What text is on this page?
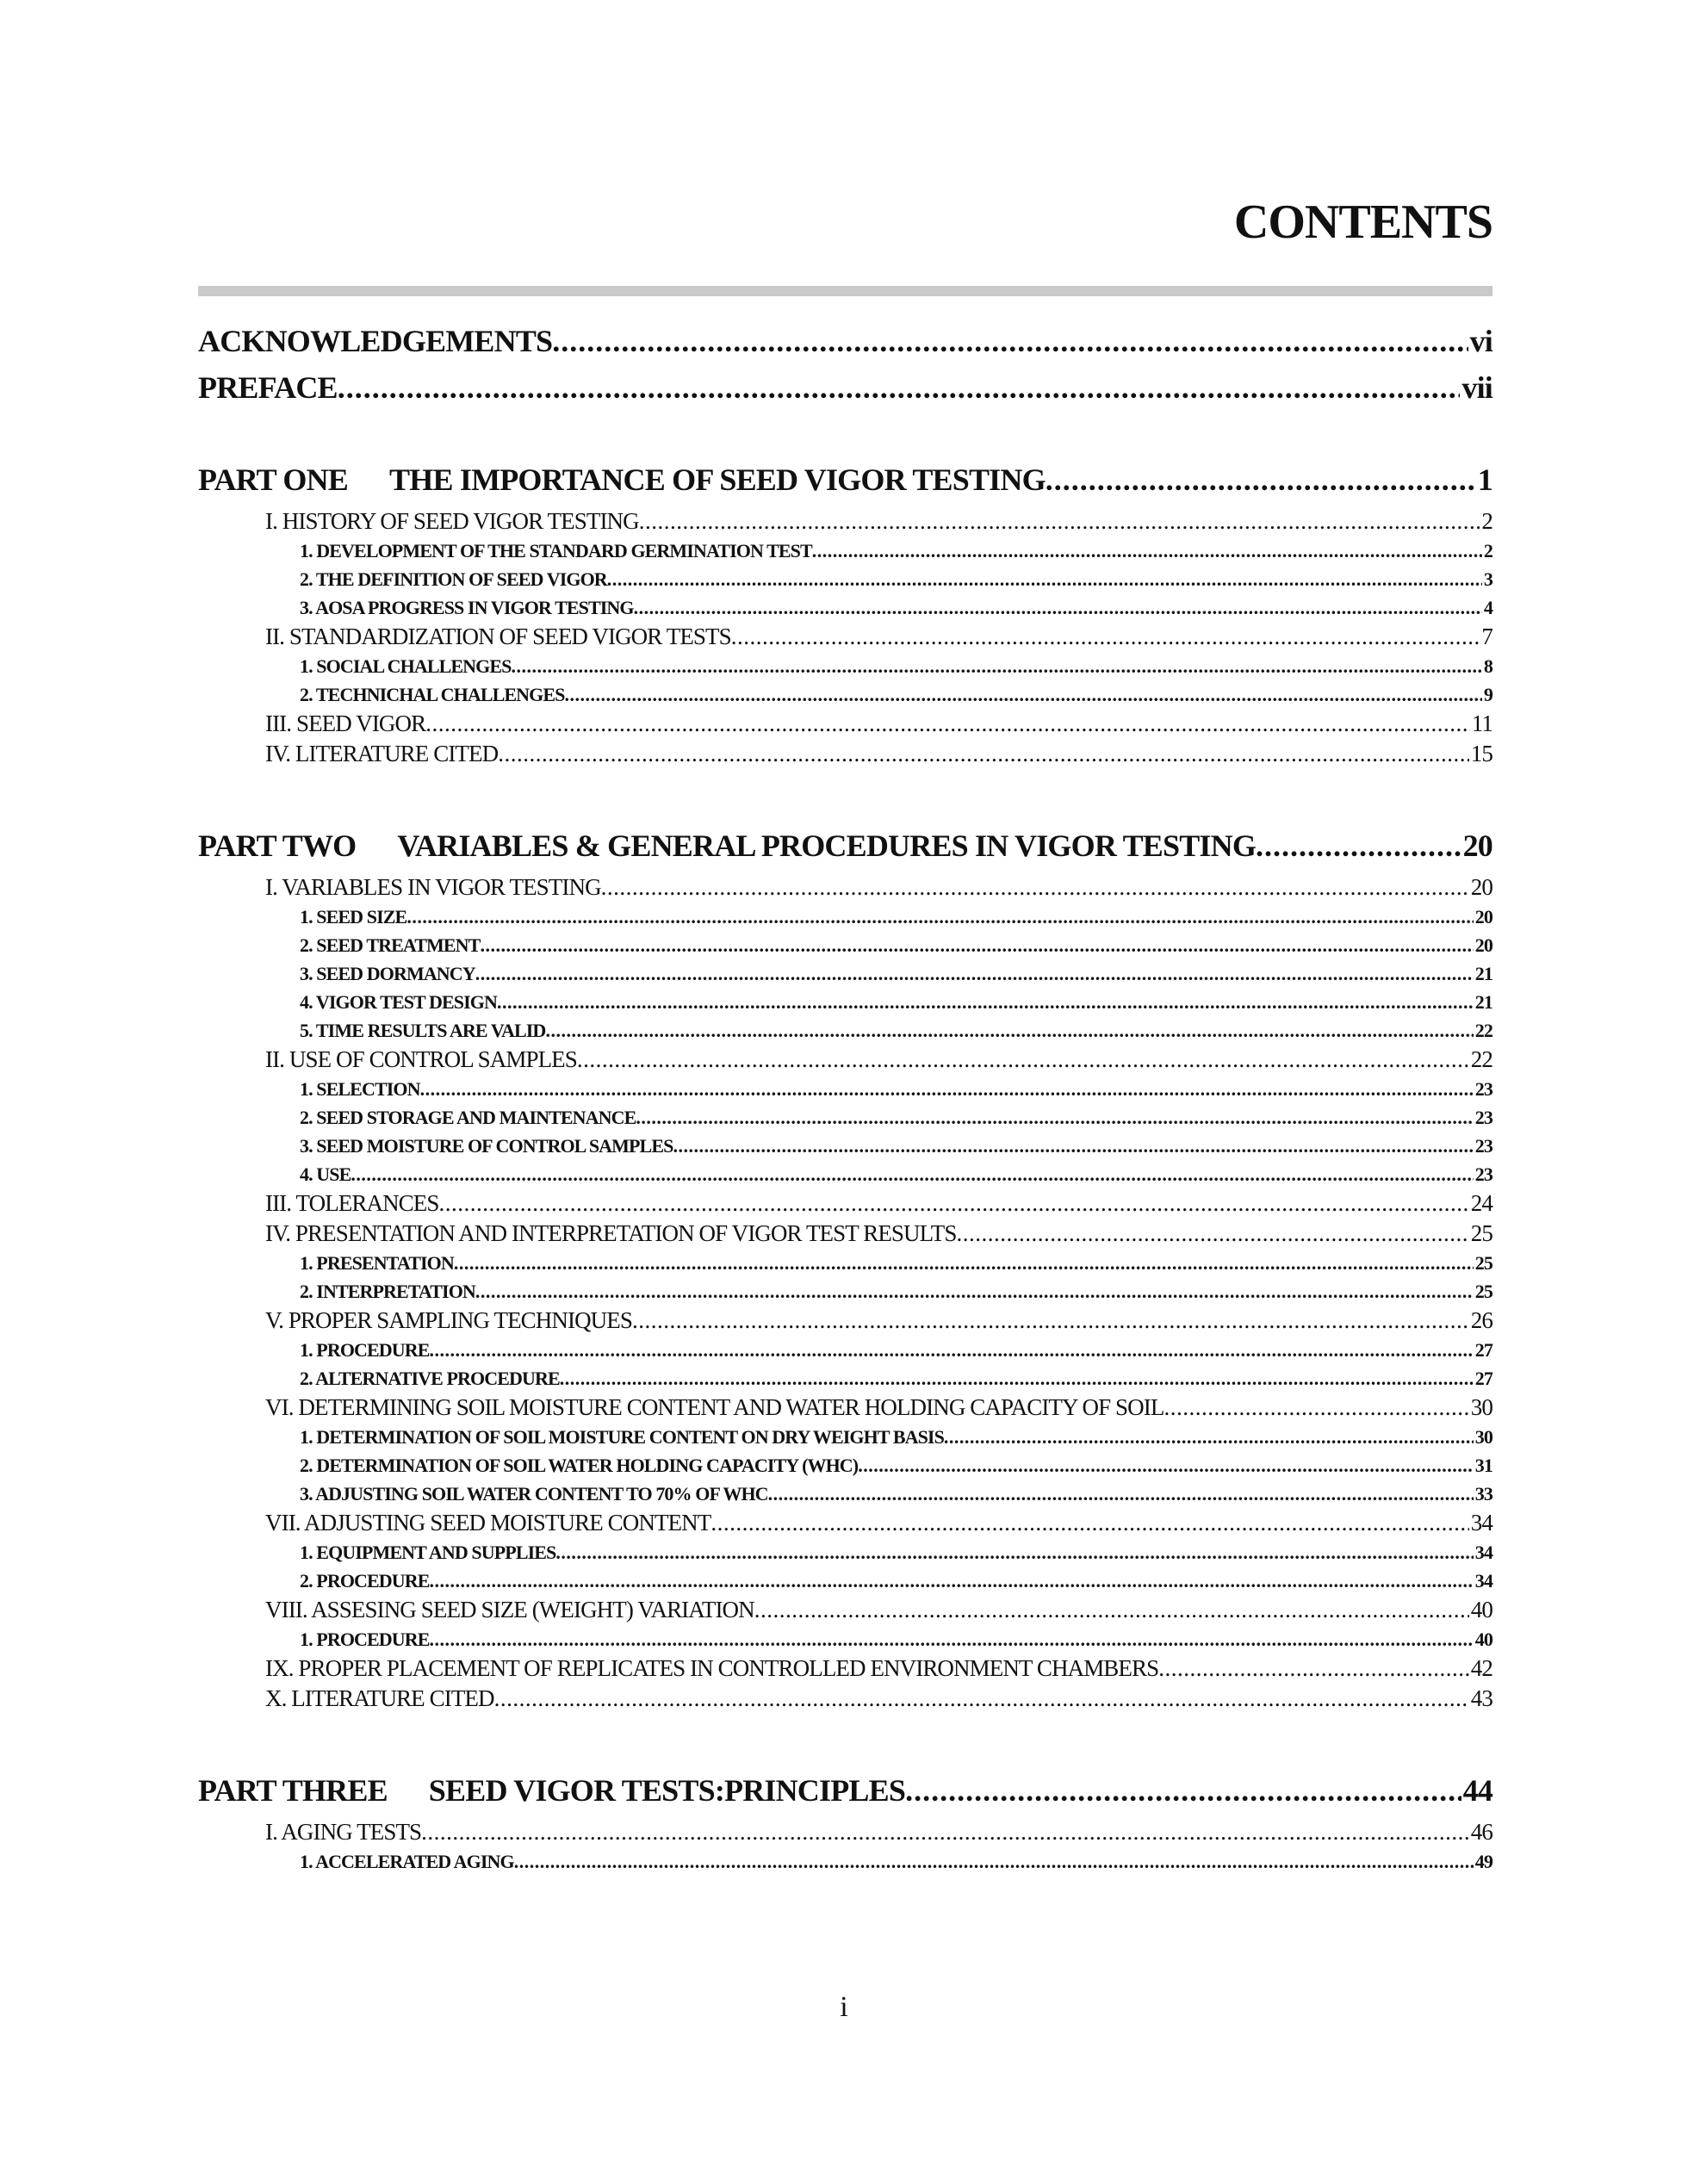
CONTENTS
ACKNOWLEDGEMENTS .....	vi
PREFACE .....	vii
PART ONE THE IMPORTANCE OF SEED VIGOR TESTING .....	1
I. HISTORY OF SEED VIGOR TESTING .....	2
1. DEVELOPMENT OF THE STANDARD GERMINATION TEST .....	2
2. THE DEFINITION OF SEED VIGOR .....	3
3. AOSA PROGRESS IN VIGOR TESTING .....	4
II. STANDARDIZATION OF SEED VIGOR TESTS .....	7
1. SOCIAL CHALLENGES .....	8
2. TECHNICHAL CHALLENGES .....	9
III. SEED VIGOR .....	11
IV. LITERATURE CITED .....	15
PART TWO VARIABLES & GENERAL PROCEDURES IN VIGOR TESTING .....	20
I. VARIABLES IN VIGOR TESTING .....	20
1. SEED SIZE .....	20
2. SEED TREATMENT .....	20
3. SEED DORMANCY .....	21
4. VIGOR TEST DESIGN .....	21
5. TIME RESULTS ARE VALID .....	22
II. USE OF CONTROL SAMPLES .....	22
1. SELECTION .....	23
2. SEED STORAGE AND MAINTENANCE .....	23
3. SEED MOISTURE OF CONTROL SAMPLES .....	23
4. USE .....	23
III. TOLERANCES .....	24
IV. PRESENTATION AND INTERPRETATION OF VIGOR TEST RESULTS .....	25
1. PRESENTATION .....	25
2. INTERPRETATION .....	25
V. PROPER SAMPLING TECHNIQUES .....	26
1. PROCEDURE .....	27
2. ALTERNATIVE PROCEDURE .....	27
VI. DETERMINING SOIL MOISTURE CONTENT AND WATER HOLDING CAPACITY OF SOIL .....	30
1. DETERMINATION OF SOIL MOISTURE CONTENT ON DRY WEIGHT BASIS .....	30
2. DETERMINATION OF SOIL WATER HOLDING CAPACITY (WHC) .....	31
3. ADJUSTING SOIL WATER CONTENT TO 70% OF WHC .....	33
VII. ADJUSTING SEED MOISTURE CONTENT .....	34
1. EQUIPMENT AND SUPPLIES .....	34
2. PROCEDURE .....	34
VIII. ASSESING SEED SIZE (WEIGHT) VARIATION .....	40
1. PROCEDURE .....	40
IX. PROPER PLACEMENT OF REPLICATES IN CONTROLLED ENVIRONMENT CHAMBERS .....	42
X. LITERATURE CITED .....	43
PART THREE SEED VIGOR TESTS:PRINCIPLES .....	44
I. AGING TESTS .....	46
1. ACCELERATED AGING .....	49
i
